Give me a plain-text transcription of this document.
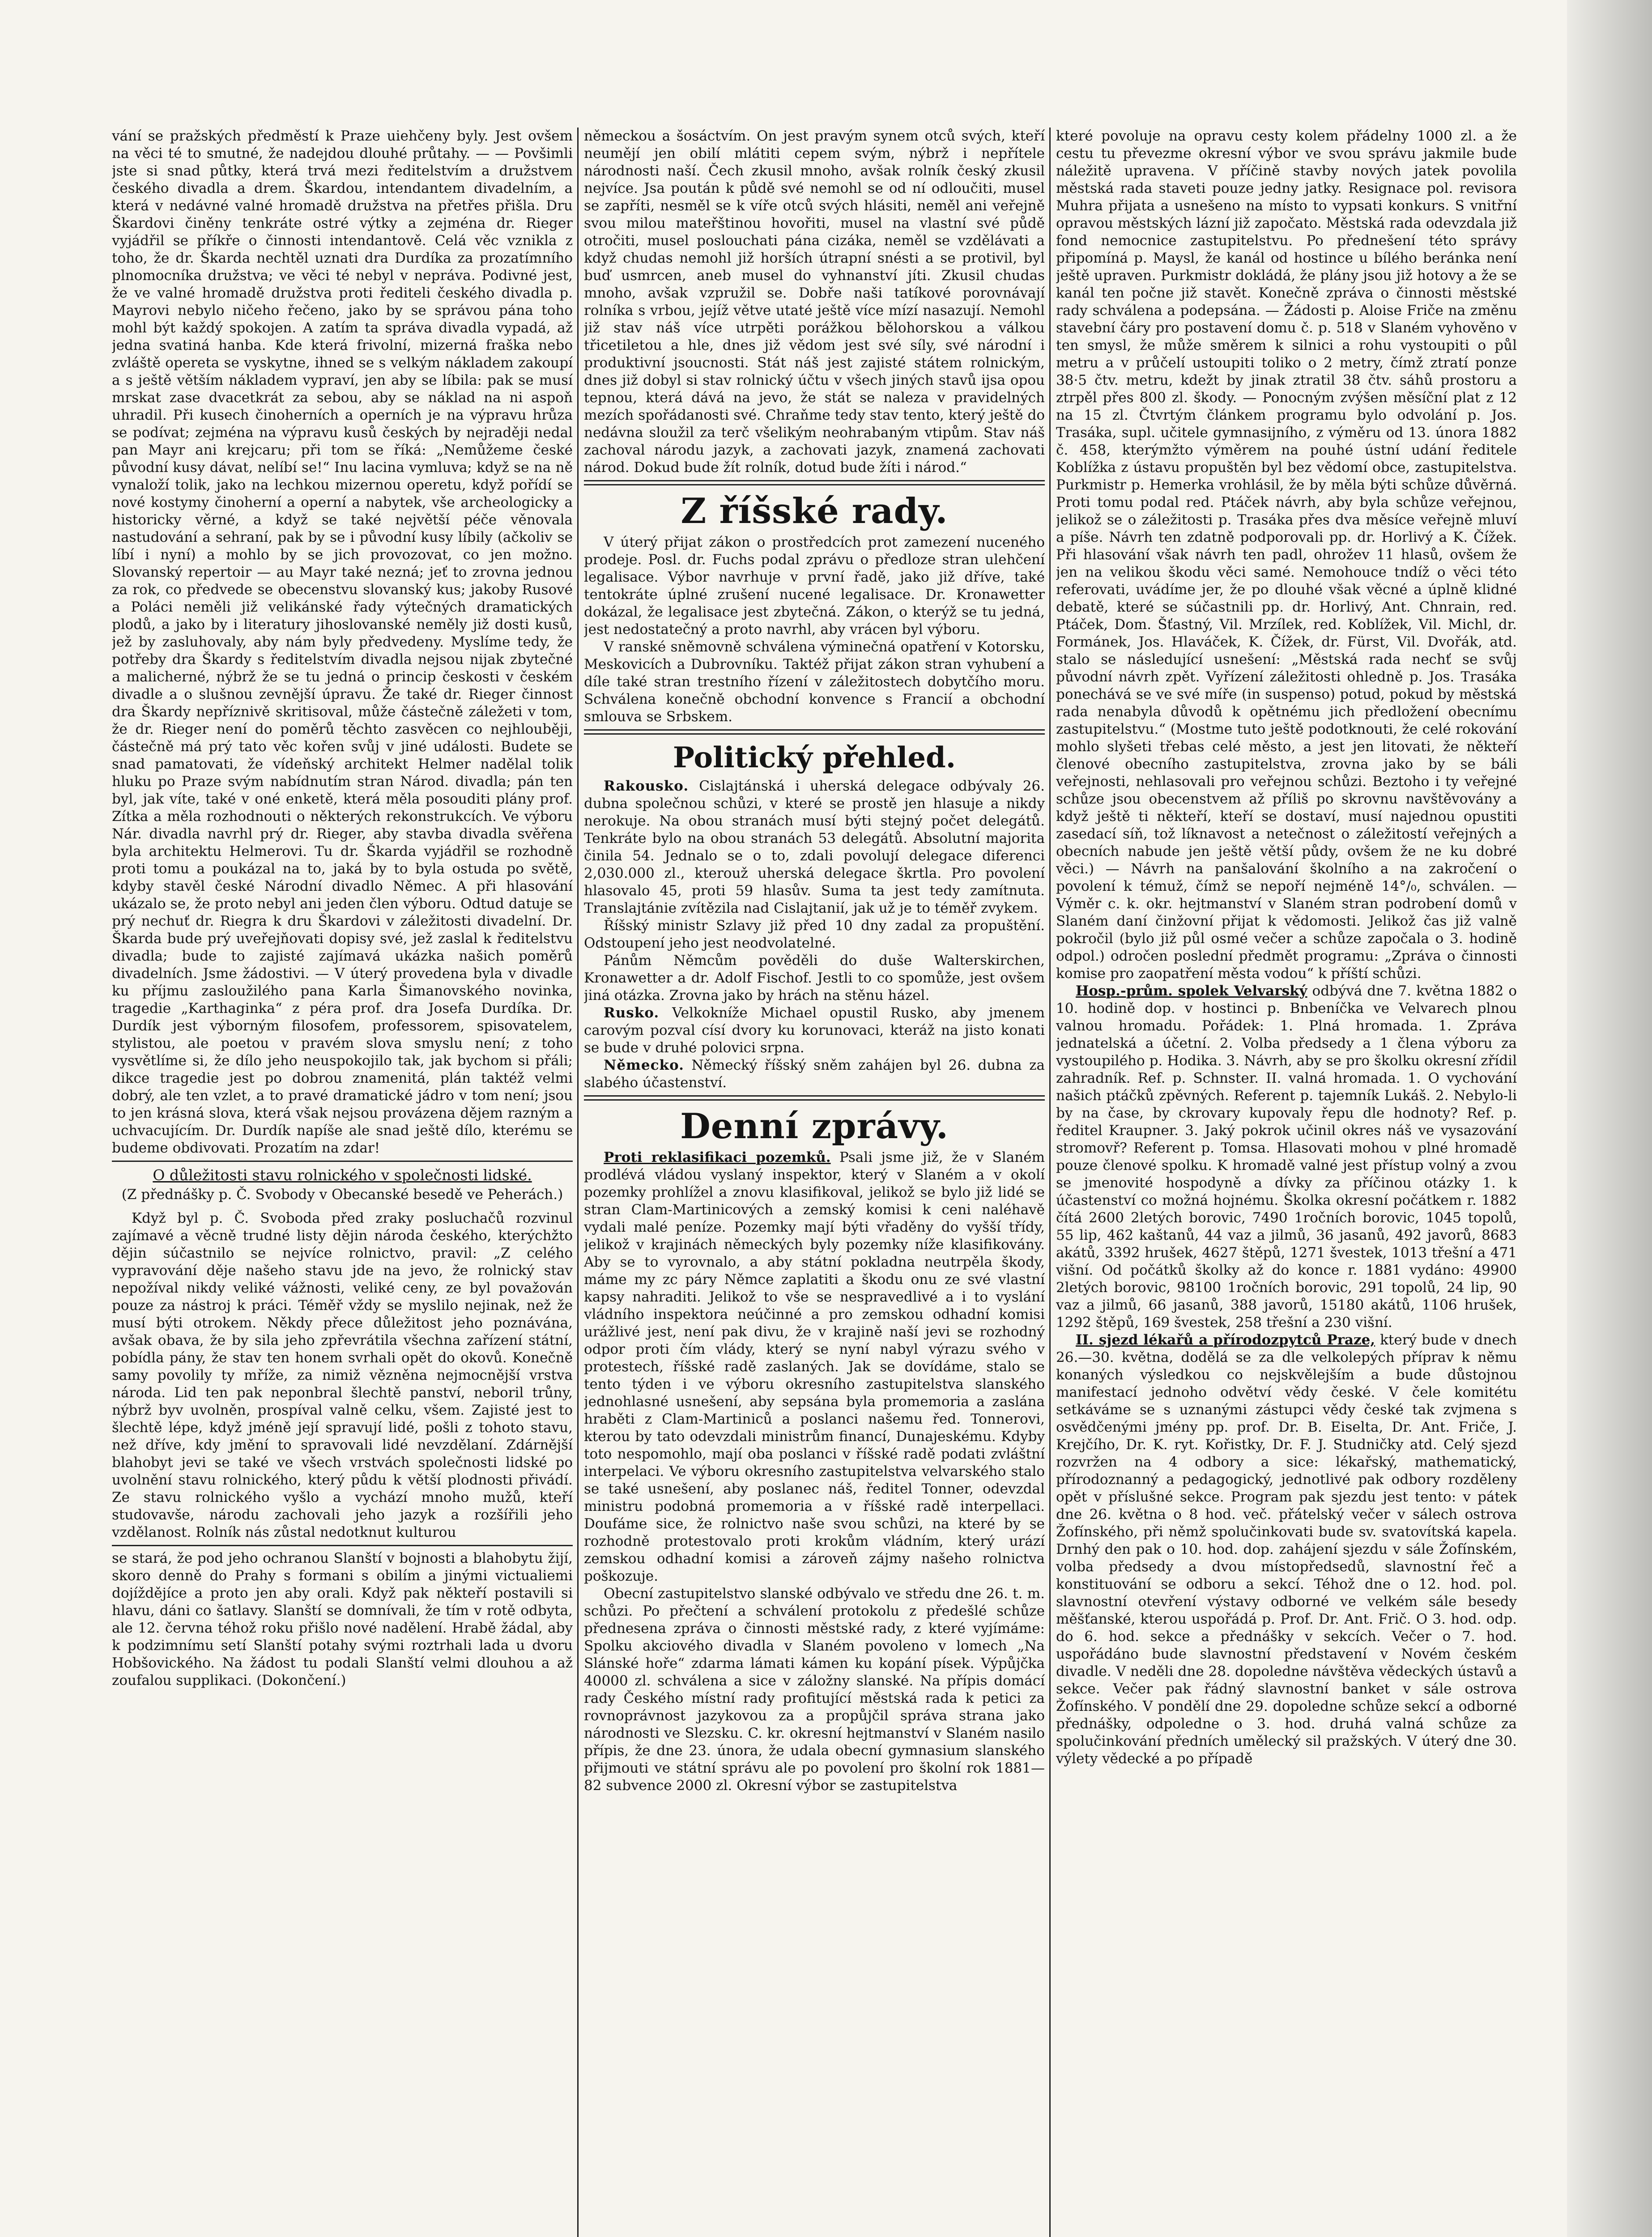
vání se pražských předměstí k Praze uiehčeny byly. Jest ovšem na věci té to smutné, že nadejdou dlouhé průtahy. — — Povšimli jste si snad půtky, která trvá mezi ředitelstvím a družstvem českého divadla a drem. Škardou, intendantem divadelním, a která v nedávné valné hromadě družstva na přetřes přišla. Dru Škardovi činěny tenkráte ostré výtky a zejména dr. Rieger vyjádřil se příkře o činnosti intendantově. Celá věc vznikla z toho, že dr. Škarda nechtěl uznati dra Durdíka za prozatímního plnomocníka družstva; ve věci té nebyl v nepráva. Podivné jest, že ve valné hromadě družstva proti řediteli českého divadla p. Mayrovi nebylo ničeho řečeno, jako by se správou pána toho mohl být každý spokojen. A zatím ta správa divadla vypadá, až jedna svatiná hanba. Kde která frivolní, mizerná fraška nebo zvláště opereta se vyskytne, ihned se s velkým nákladem zakoupí a s ještě větším nákladem vypraví, jen aby se líbila: pak se musí mrskat zase dvacetkrát za sebou, aby se náklad na ni aspoň uhradil. Při kusech činoherních a operních je na výpravu hrůza se podívat; zejména na výpravu kusů českých by nejraději nedal pan Mayr ani krejcaru; při tom se říká: „Nemůžeme české původní kusy dávat, nelíbí se!“ Inu lacina vymluva; když se na ně vynaloží tolik, jako na lechkou mizernou operetu, když pořídí se nové kostymy činoherní a operní a nabytek, vše archeologicky a historicky věrné, a když se také největší péče věnovala nastudování a sehraní, pak by se i původní kusy líbily (ačkoliv se líbí i nyní) a mohlo by se jich provozovat, co jen možno. Slovanský repertoir — au Mayr také nezná; jeť to zrovna jednou za rok, co předvede se obecenstvu slovanský kus; jakoby Rusové a Poláci neměli již velikánské řady výtečných dramatických plodů, a jako by i literatury jihoslovanské neměly již dosti kusů, jež by zasluhovaly, aby nám byly předvedeny. Myslíme tedy, že potřeby dra Škardy s ředitelstvím divadla nejsou nijak zbytečné a malicherné, nýbrž že se tu jedná o princip českosti v českém divadle a o slušnou zevnější úpravu. Že také dr. Rieger činnost dra Škardy nepříznivě skritisoval, může částečně záležeti v tom, že dr. Rieger není do poměrů těchto zasvěcen co nejhlouběji, částečně má prý tato věc kořen svůj v jiné události. Budete se snad pamatovati, že vídeňský architekt Helmer nadělal tolik hluku po Praze svým nabídnutím stran Národ. divadla; pán ten byl, jak víte, také v oné enketě, která měla posouditi plány prof. Zítka a měla rozhodnouti o některých rekonstrukcích. Ve výboru Nár. divadla navrhl prý dr. Rieger, aby stavba divadla svěřena byla architektu Helmerovi. Tu dr. Škarda vyjádřil se rozhodně proti tomu a poukázal na to, jaká by to byla ostuda po světě, kdyby stavěl české Národní divadlo Němec. A při hlasování ukázalo se, že proto nebyl ani jeden člen výboru. Odtud datuje se prý nechuť dr. Riegra k dru Škardovi v záležitosti divadelní. Dr. Škarda bude prý uveřejňovati dopisy své, jež zaslal k ředitelstvu divadla; bude to zajisté zajímavá ukázka našich poměrů divadelních. Jsme žádostivi. — V úterý provedena byla v divadle ku příjmu zasloužilého pana Karla Šimanovského novinka, tragedie „Karthaginka“ z péra prof. dra Josefa Durdíka. Dr. Durdík jest výborným filosofem, professorem, spisovatelem, stylistou, ale poetou v pravém slova smyslu není; z toho vysvětlíme si, že dílo jeho neuspokojilo tak, jak bychom si přáli; dikce tragedie jest po dobrou znamenitá, plán taktéž velmi dobrý, ale ten vzlet, a to pravé dramatické jádro v tom není; jsou to jen krásná slova, která však nejsou provázena dějem razným a uchvacujícím. Dr. Durdík napíše ale snad ještě dílo, kterému se budeme obdivovati. Prozatím na zdar!

O důležitosti stavu rolnického v společnosti lidské.
(Z přednášky p. Č. Svobody v Obecanské besedě ve Peherách.)

Když byl p. Č. Svoboda před zraky posluchačů rozvinul zajímavé a věcně trudné listy dějin národa českého, kterýchžto dějin súčastnilo se nejvíce rolnictvo, pravil: „Z celého vypravování děje našeho stavu jde na jevo, že rolnický stav nepožíval nikdy veliké vážnosti, veliké ceny, ze byl považován pouze za nástroj k práci. Téměř vždy se myslilo nejinak, než že musí býti otrokem. Někdy přece důležitost jeho poznávána, avšak obava, že by sila jeho zpřevrátila všechna zařízení státní, pobídla pány, že stav ten honem svrhali opět do okovů. Konečně samy povolily ty mříže, za nimiž vězněna nejmocnější vrstva národa. Lid ten pak neponbral šlechtě panství, neboril trůny, nýbrž byv uvolněn, prospíval valně celku, všem. Zajisté jest to šlechtě lépe, když jméně její spravují lidé, pošli z tohoto stavu, než dříve, kdy jmění to spravovali lidé nevzdělaní. Zdárnější blahobyt jevi se také ve všech vrstvách společnosti lidské po uvolnění stavu rolnického, který půdu k větší plodnosti přivádí. Ze stavu rolnického vyšlo a vychází mnoho mužů, kteří studovavše, národu zachovali jeho jazyk a rozšířili jeho vzdělanost. Rolník nás zůstal nedotknut kulturou

se stará, že pod jeho ochranou Slanští v bojnosti a blahobytu žijí, skoro denně do Prahy s formani s obilím a jinými victualiemi dojíždějíce a proto jen aby orali. Když pak někteří postavili si hlavu, dáni co šatlavy. Slanští se domnívali, že tím v rotě odbyta, ale 12. června téhož roku přišlo nové nadělení. Hrabě žádal, aby k podzimnímu setí Slanští potahy svými roztrhali lada u dvoru Hobšovického. Na žádost tu podali Slanští velmi dlouhou a až zoufalou supplikaci. (Dokončení.)

německou a šosáctvím. On jest pravým synem otců svých, kteří neumějí jen obilí mlátiti cepem svým, nýbrž i nepřítele národnosti naší. Čech zkusil mnoho, avšak rolník český zkusil nejvíce. Jsa poután k půdě své nemohl se od ní odloučiti, musel se zapříti, nesměl se k víře otců svých hlásiti, neměl ani veřejně svou milou mateřštinou hovořiti, musel na vlastní své půdě otročiti, musel poslouchati pána cizáka, neměl se vzdělávati a když chudas nemohl již horších útrapní snésti a se protivil, byl buď usmrcen, aneb musel do vyhnanství jíti. Zkusil chudas mnoho, avšak vzpružil se. Dobře naši tatíkové porovnávají rolníka s vrbou, jejíž větve utaté ještě více mízí nasazují. Nemohl již stav náš více utrpěti porážkou bělohorskou a válkou třicetiletou a hle, dnes již vědom jest své síly, své národní i produktivní jsoucnosti. Stát náš jest zajisté státem rolnickým, dnes již dobyl si stav rolnický účtu v všech jiných stavů ijsa opou tepnou, která dává na jevo, že stát se naleza v pravidelných mezích spořádanosti své. Chraňme tedy stav tento, který ještě do nedávna sloužil za terč všelikým neohrabaným vtipům. Stav náš zachoval národu jazyk, a zachovati jazyk, znamená zachovati národ. Dokud bude žít rolník, dotud bude žíti i národ.“

Z říšské rady.

V úterý přijat zákon o prostředcích prot zamezení nuceného prodeje. Posl. dr. Fuchs podal zprávu o předloze stran ulehčení legalisace. Výbor navrhuje v první řadě, jako již dříve, také tentokráte úplné zrušení nucené legalisace. Dr. Kronawetter dokázal, že legalisace jest zbytečná. Zákon, o kterýž se tu jedná, jest nedostatečný a proto navrhl, aby vrácen byl výboru.

V ranské sněmovně schválena výminečná opatření v Kotorsku, Meskovicích a Dubrovníku. Taktéž přijat zákon stran vyhubení a díle také stran trestního řízení v záležitostech dobytčího moru. Schválena konečně obchodní konvence s Francií a obchodní smlouva se Srbskem.

Politický přehled.

Rakousko. Cislajtánská i uherská delegace odbývaly 26. dubna společnou schůzi, v které se prostě jen hlasuje a nikdy nerokuje. Na obou stranách musí býti stejný počet delegátů. Tenkráte bylo na obou stranách 53 delegátů. Absolutní majorita činila 54. Jednalo se o to, zdali povolují delegace diferenci 2,030.000 zl., kterouž uherská delegace škrtla. Pro povolení hlasovalo 45, proti 59 hlasův. Suma ta jest tedy zamítnuta. Translajtánie zvítězila nad Cislajtanií, jak už je to téměř zvykem.

Říšský ministr Szlavy již před 10 dny zadal za propuštění. Odstoupení jeho jest neodvolatelné.

Pánům Němcům pověděli do duše Walterskirchen, Kronawetter a dr. Adolf Fischof. Jestli to co spomůže, jest ovšem jiná otázka. Zrovna jako by hrách na stěnu házel.

Rusko. Velkokníže Michael opustil Rusko, aby jmenem carovým pozval císí dvory ku korunovaci, kteráž na jisto konati se bude v druhé polovici srpna.

Německo. Německý říšský sněm zahájen byl 26. dubna za slabého účastenství.

Denní zprávy.

Proti reklasifikaci pozemků. Psali jsme již, že v Slaném prodlévá vládou vyslaný inspektor, který v Slaném a v okolí pozemky prohlížel a znovu klasifikoval, jelikož se bylo již lidé se stran Clam-Martinicových a zemský komisi k ceni naléhavě vydali malé peníze. Pozemky mají býti vřaděny do vyšší třídy, jelikož v krajinách německých byly pozemky níže klasifikovány. Aby se to vyrovnalo, a aby státní pokladna neutrpěla škody, máme my zc páry Němce zaplatiti a škodu onu ze své vlastní kapsy nahraditi. Jelikož to vše se nespravedlivé a i to vyslání vládního inspektora neúčinné a pro zemskou odhadní komisi urážlivé jest, není pak divu, že v krajině naší jevi se rozhodný odpor proti čím vlády, který se nyní nabyl výrazu svého v protestech, říšské radě zaslaných. Jak se dovídáme, stalo se tento týden i ve výboru okresního zastupitelstva slanského jednohlasné usnešení, aby sepsána byla promemoria a zaslána hraběti z Clam-Martiniců a poslanci našemu řed. Tonnerovi, kterou by tato odevzdali ministrům financí, Dunajeskému. Kdyby toto nespomohlo, mají oba poslanci v říšské radě podati zvláštní interpelaci. Ve výboru okresního zastupitelstva velvarského stalo se také usnešení, aby poslanec náš, ředitel Tonner, odevzdal ministru podobná promemoria a v říšské radě interpellaci. Doufáme sice, že rolnictvo naše svou schůzi, na které by se rozhodně protestovalo proti krokům vládním, který urází zemskou odhadní komisi a zároveň zájmy našeho rolnictva poškozuje.

Obecní zastupitelstvo slanské odbývalo ve středu dne 26. t. m. schůzi. Po přečtení a schválení protokolu z předešlé schůze přednesena zpráva o činnosti městské rady, z které vyjímáme: Spolku akciového divadla v Slaném povoleno v lomech „Na Slánské hoře“ zdarma lámati kámen ku kopání písek. Výpůjčka 40000 zl. schválena a sice v záložny slanské. Na přípis domácí rady Českého místní rady profitující městská rada k petici za rovnoprávnost jazykovou za a propůjčil správa strana jako národnosti ve Slezsku. C. kr. okresní hejtmanství v Slaném nasilo přípis, že dne 23. února, že udala obecní gymnasium slanského přijmouti ve státní správu ale po povolení pro školní rok 1881—82 subvence 2000 zl. Okresní výbor se zastupitelstva

které povoluje na opravu cesty kolem přádelny 1000 zl. a že cestu tu převezme okresní výbor ve svou správu jakmile bude náležitě upravena. V příčině stavby nových jatek povolila městská rada staveti pouze jedny jatky. Resignace pol. revisora Muhra přijata a usnešeno na místo to vypsati konkurs. S vnitřní opravou městských lázní již započato. Městská rada odevzdala již fond nemocnice zastupitelstvu. Po přednešení této správy připomíná p. Maysl, že kanál od hostince u bílého beránka není ještě upraven. Purkmistr dokládá, že plány jsou již hotovy a že se kanál ten počne již stavět. Konečně zpráva o činnosti městské rady schválena a podepsána. — Žádosti p. Aloise Friče na změnu stavební čáry pro postavení domu č. p. 518 v Slaném vyhověno v ten smysl, že může směrem k silnici a rohu vystoupiti o půl metru a v průčelí ustoupiti toliko o 2 metry, čímž ztratí ponze 38·5 čtv. metru, kdežt by jinak ztratil 38 čtv. sáhů prostoru a ztrpěl přes 800 zl. škody. — Ponocným zvýšen měsíční plat z 12 na 15 zl. Čtvrtým článkem programu bylo odvolání p. Jos. Trasáka, supl. učitele gymnasijního, z výměru od 13. února 1882 č. 458, kterýmžto výměrem na pouhé ústní udání ředitele Koblížka z ústavu propuštěn byl bez vědomí obce, zastupitelstva. Purkmistr p. Hemerka vrohlásil, že by měla býti schůze důvěrná. Proti tomu podal red. Ptáček návrh, aby byla schůze veřejnou, jelikož se o záležitosti p. Trasáka přes dva měsíce veřejně mluví a píše. Návrh ten zdatně podporovali pp. dr. Horlivý a K. Čížek. Při hlasování však návrh ten padl, ohrožev 11 hlasů, ovšem že jen na velikou škodu věci samé. Nemohouce tndíž o věci této referovati, uvádíme jer, že po dlouhé však věcné a úplně klidné debatě, které se súčastnili pp. dr. Horlivý, Ant. Chnrain, red. Ptáček, Dom. Šťastný, Vil. Mrzílek, red. Koblížek, Vil. Michl, dr. Formánek, Jos. Hlaváček, K. Čížek, dr. Fürst, Vil. Dvořák, atd. stalo se následující usnešení: „Městská rada nechť se svůj původní návrh zpět. Vyřízení záležitosti ohledně p. Jos. Trasáka ponechává se ve své míře (in suspenso) potud, pokud by městská rada nenabyla důvodů k opětnému jich předložení obecnímu zastupitelstvu.“ (Mostme tuto ještě podotknouti, že celé rokování mohlo slyšeti třebas celé město, a jest jen litovati, že někteří členové obecního zastupitelstva, zrovna jako by se báli veřejnosti, nehlasovali pro veřejnou schůzi. Beztoho i ty veřejné schůze jsou obecenstvem až příliš po skrovnu navštěvovány a když ještě ti někteří, kteří se dostaví, musí najednou opustiti zasedací síň, tož líknavost a netečnost o záležitostí veřejných a obecních nabude jen ještě větší půdy, ovšem že ne ku dobré věci.) — Návrh na panšalování školního a na zakročení o povolení k témuž, čímž se nepoří nejméně 14°/₀, schválen. — Výměr c. k. okr. hejtmanství v Slaném stran podrobení domů v Slaném daní činžovní přijat k vědomosti. Jelikož čas již valně pokročil (bylo již půl osmé večer a schůze započala o 3. hodině odpol.) odročen poslední předmět programu: „Zpráva o činnosti komise pro zaopatření města vodou“ k příští schůzi.

Hosp.-prům. spolek Velvarský odbývá dne 7. května 1882 o 10. hodině dop. v hostinci p. Bnbeníčka ve Velvarech plnou valnou hromadu. Pořádek: 1. Plná hromada. 1. Zpráva jednatelská a účetní. 2. Volba předsedy a 1 člena výboru za vystoupilého p. Hodika. 3. Návrh, aby se pro školku okresní zřídil zahradník. Ref. p. Schnster. II. valná hromada. 1. O vychování našich ptáčků zpěvných. Referent p. tajemník Lukáš. 2. Nebylo-li by na čase, by ckrovary kupovaly řepu dle hodnoty? Ref. p. ředitel Kraupner. 3. Jaký pokrok učinil okres náš ve vysazování stromovř? Referent p. Tomsa. Hlasovati mohou v plné hromadě pouze členové spolku. K hromadě valné jest přístup volný a zvou se jmenovité hospodyně a dívky za příčinou otázky 1. k účastenství co možná hojnému. Školka okresní počátkem r. 1882 čítá 2600 2letých borovic, 7490 1ročních borovic, 1045 topolů, 55 lip, 462 kaštanů, 44 vaz a jilmů, 36 jasanů, 492 javorů, 8683 akátů, 3392 hrušek, 4627 štěpů, 1271 švestek, 1013 třešní a 471 višní. Od počátků školky až do konce r. 1881 vydáno: 49900 2letých borovic, 98100 1ročních borovic, 291 topolů, 24 lip, 90 vaz a jilmů, 66 jasanů, 388 javorů, 15180 akátů, 1106 hrušek, 1292 štěpů, 169 švestek, 258 třešní a 230 višní.

II. sjezd lékařů a přírodozpytců Praze, který bude v dnech 26.—30. května, dodělá se za dle velkolepých příprav k němu konaných výsledkou co nejskvělejším a bude důstojnou manifestací jednoho odvětví vědy české. V čele komitétu setkáváme se s uznanými zástupci vědy české tak zvjmena s osvědčenými jmény pp. prof. Dr. B. Eiselta, Dr. Ant. Friče, J. Krejčího, Dr. K. ryt. Kořistky, Dr. F. J. Studničky atd. Celý sjezd rozvržen na 4 odbory a sice: lékařský, mathematický, přírodoznanný a pedagogický, jednotlivé pak odbory rozděleny opět v příslušné sekce. Program pak sjezdu jest tento: v pátek dne 26. května o 8 hod. več. přátelský večer v sálech ostrova Žofínského, při němž spolučinkovati bude sv. svatovítská kapela. Drnhý den pak o 10. hod. dop. zahájení sjezdu v sále Žofínském, volba předsedy a dvou místopředsedů, slavnostní řeč a konstituování se odboru a sekcí. Téhož dne o 12. hod. pol. slavnostní otevření výstavy odborné ve velkém sále besedy měšťanské, kterou uspořádá p. Prof. Dr. Ant. Frič. O 3. hod. odp. do 6. hod. sekce a přednášky v sekcích. Večer o 7. hod. uspořádáno bude slavnostní představení v Novém českém divadle. V neděli dne 28. dopoledne návštěva vědeckých ústavů a sekce. Večer pak řádný slavnostní banket v sále ostrova Žofínského. V pondělí dne 29. dopoledne schůze sekcí a odborné přednášky, odpoledne o 3. hod. druhá valná schůze za spolučinkování předních umělecký sil pražských. V úterý dne 30. výlety vědecké a po případě
